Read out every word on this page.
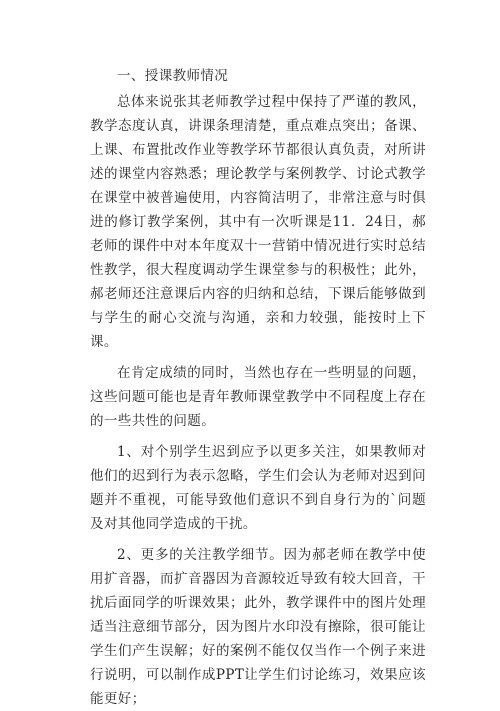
一、授课教师情况

总体来说张其老师教学过程中保持了严谨的教风，教学态度认真，讲课条理清楚，重点难点突出；备课、上课、布置批改作业等教学环节都很认真负责，对所讲述的课堂内容熟悉；理论教学与案例教学、讨论式教学在课堂中被普遍使用，内容简洁明了，非常注意与时俱进的修订教学案例，其中有一次听课是11．24日，郝老师的课件中对本年度双十一营销中情况进行实时总结性教学，很大程度调动学生课堂参与的积极性；此外，郝老师还注意课后内容的归纳和总结，下课后能够做到与学生的耐心交流与沟通，亲和力较强，能按时上下课。

在肯定成绩的同时，当然也存在一些明显的问题，这些问题可能也是青年教师课堂教学中不同程度上存在的一些共性的问题。

1、对个别学生迟到应予以更多关注，如果教师对他们的迟到行为表示忽略，学生们会认为老师对迟到问题并不重视，可能导致他们意识不到自身行为的`问题及对其他同学造成的干扰。

2、更多的关注教学细节。因为郝老师在教学中使用扩音器，而扩音器因为音源较近导致有较大回音，干扰后面同学的听课效果；此外，教学课件中的图片处理适当注意细节部分，因为图片水印没有擦除，很可能让学生们产生误解；好的案例不能仅仅当作一个例子来进行说明，可以制作成PPT让学生们讨论练习，效果应该能更好；
